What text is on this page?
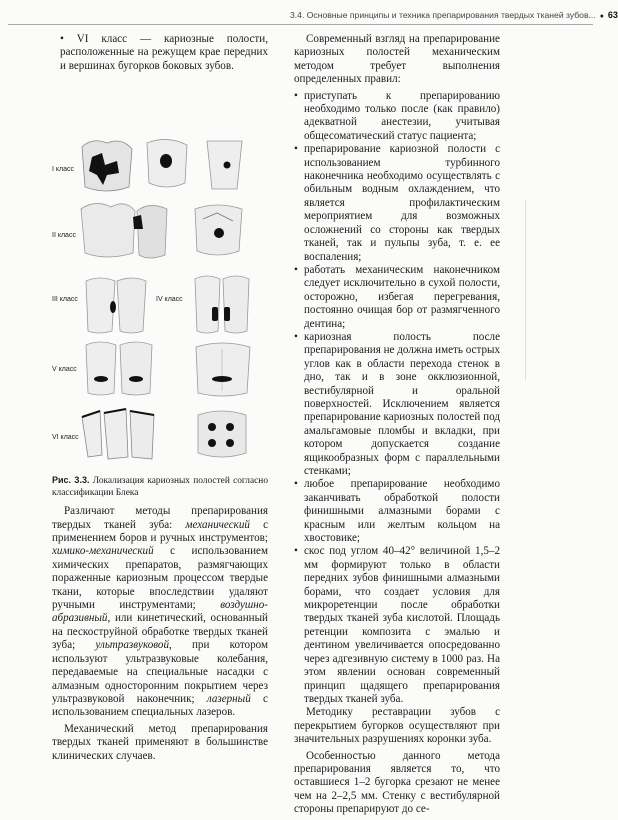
3.4. Основные принципы и техника препарирования твердых тканей зубов... ● 63

• VI класс — кариозные полости, расположенные на режущем крае передних и вершинах бугорков боковых зубов.

I класс
II класс
III класс	IV класс
V класс
VI класс

Рис. 3.3. Локализация кариозных полостей согласно классификации Блека

Различают методы препарирования твердых тканей зуба: механический с применением боров и ручных инструментов; химико-механический с использованием химических препаратов, размягчающих пораженные кариозным процессом твердые ткани, которые впоследствии удаляют ручными инструментами; воздушно-абразивный, или кинетический, основанный на пескоструйной обработке твердых тканей зуба; ультразвуковой, при котором используют ультразвуковые колебания, передаваемые на специальные насадки с алмазным односторонним покрытием через ультразвуковой наконечник; лазерный с использованием специальных лазеров.

Механический метод препарирования твердых тканей применяют в большинстве клинических случаев.

Современный взгляд на препарирование кариозных полостей механическим методом требует выполнения определенных правил:

• приступать к препарированию необходимо только после (как правило) адекватной анестезии, учитывая общесоматический статус пациента;
• препарирование кариозной полости с использованием турбинного наконечника необходимо осуществлять с обильным водным охлаждением, что является профилактическим мероприятием для возможных осложнений со стороны как твердых тканей, так и пульпы зуба, т. е. ее воспаления;
• работать механическим наконечником следует исключительно в сухой полости, осторожно, избегая перегревания, постоянно очищая бор от размягченного дентина;
• кариозная полость после препарирования не должна иметь острых углов как в области перехода стенок в дно, так и в зоне окклюзионной, вестибулярной и оральной поверхностей. Исключением является препарирование кариозных полостей под амальгамовые пломбы и вкладки, при котором допускается создание ящикообразных форм с параллельными стенками;
• любое препарирование необходимо заканчивать обработкой полости финишными алмазными борами с красным или желтым кольцом на хвостовике;
• скос под углом 40–42° величиной 1,5–2 мм формируют только в области передних зубов финишными алмазными борами, что создает условия для микроретенции после обработки твердых тканей зуба кислотой. Площадь ретенции композита с эмалью и дентином увеличивается опосредованно через адгезивную систему в 1000 раз. На этом явлении основан современный принцип щадящего препарирования твердых тканей зуба.

Методику реставрации зубов с перекрытием бугорков осуществляют при значительных разрушениях коронки зуба.

Особенностью данного метода препарирования является то, что оставшиеся 1–2 бугорка срезают не менее чем на 2–2,5 мм. Стенку с вестибулярной стороны препарируют до се-
